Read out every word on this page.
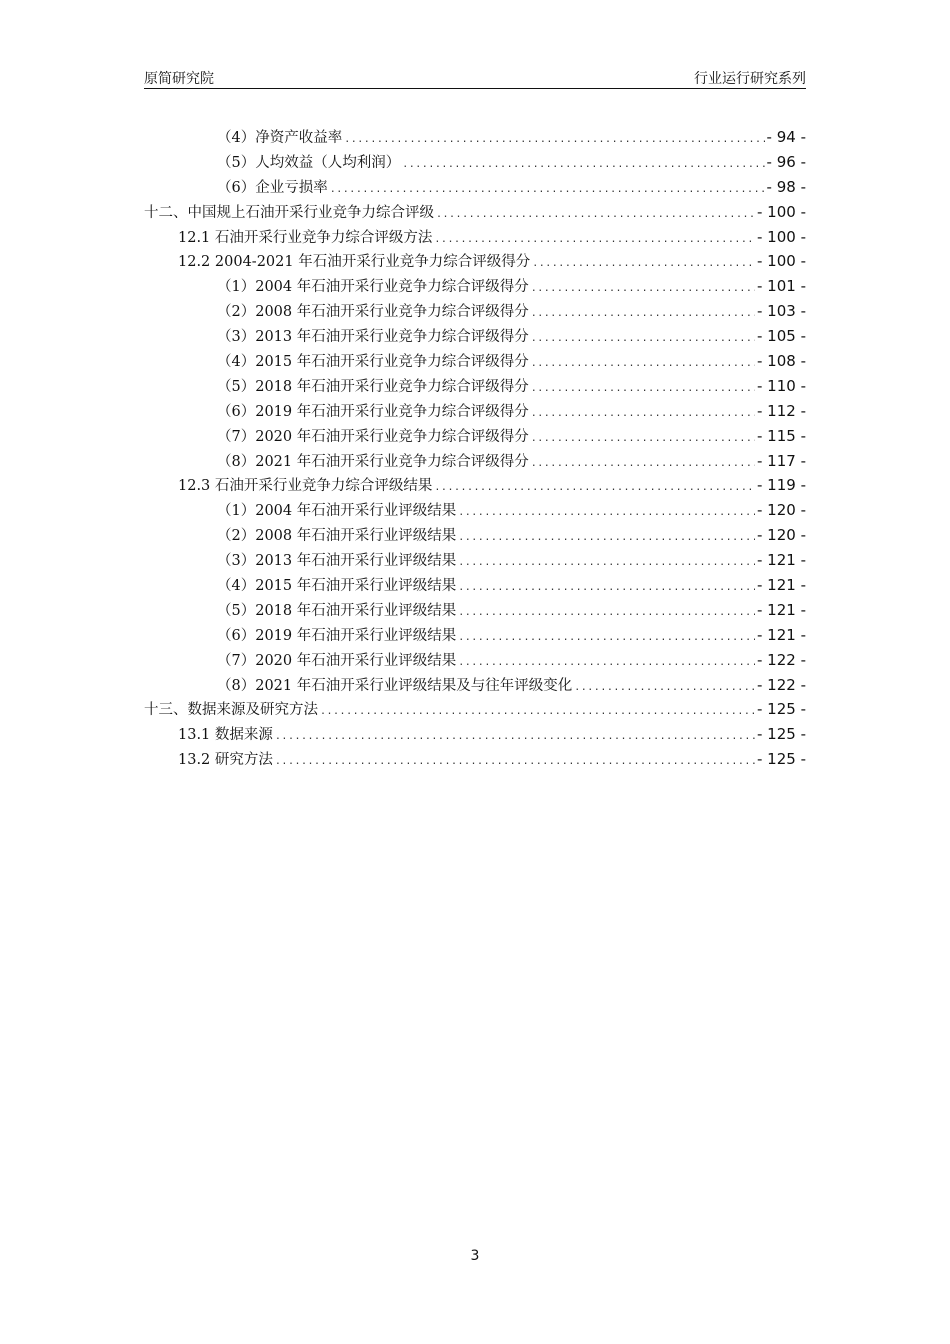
原简研究院	行业运行研究系列
（4）净资产收益率 .....	- 94 -
（5）人均效益（人均利润） .....	- 96 -
（6）企业亏损率 .....	- 98 -
十二、中国规上石油开采行业竞争力综合评级 .....	- 100 -
12.1 石油开采行业竞争力综合评级方法 .....	- 100 -
12.2 2004-2021 年石油开采行业竞争力综合评级得分 .....	- 100 -
（1）2004 年石油开采行业竞争力综合评级得分 .....	- 101 -
（2）2008 年石油开采行业竞争力综合评级得分 .....	- 103 -
（3）2013 年石油开采行业竞争力综合评级得分 .....	- 105 -
（4）2015 年石油开采行业竞争力综合评级得分 .....	- 108 -
（5）2018 年石油开采行业竞争力综合评级得分 .....	- 110 -
（6）2019 年石油开采行业竞争力综合评级得分 .....	- 112 -
（7）2020 年石油开采行业竞争力综合评级得分 .....	- 115 -
（8）2021 年石油开采行业竞争力综合评级得分 .....	- 117 -
12.3 石油开采行业竞争力综合评级结果 .....	- 119 -
（1）2004 年石油开采行业评级结果 .....	- 120 -
（2）2008 年石油开采行业评级结果 .....	- 120 -
（3）2013 年石油开采行业评级结果 .....	- 121 -
（4）2015 年石油开采行业评级结果 .....	- 121 -
（5）2018 年石油开采行业评级结果 .....	- 121 -
（6）2019 年石油开采行业评级结果 .....	- 121 -
（7）2020 年石油开采行业评级结果 .....	- 122 -
（8）2021 年石油开采行业评级结果及与往年评级变化 .....	- 122 -
十三、数据来源及研究方法 .....	- 125 -
13.1 数据来源 .....	- 125 -
13.2 研究方法 .....	- 125 -
3
